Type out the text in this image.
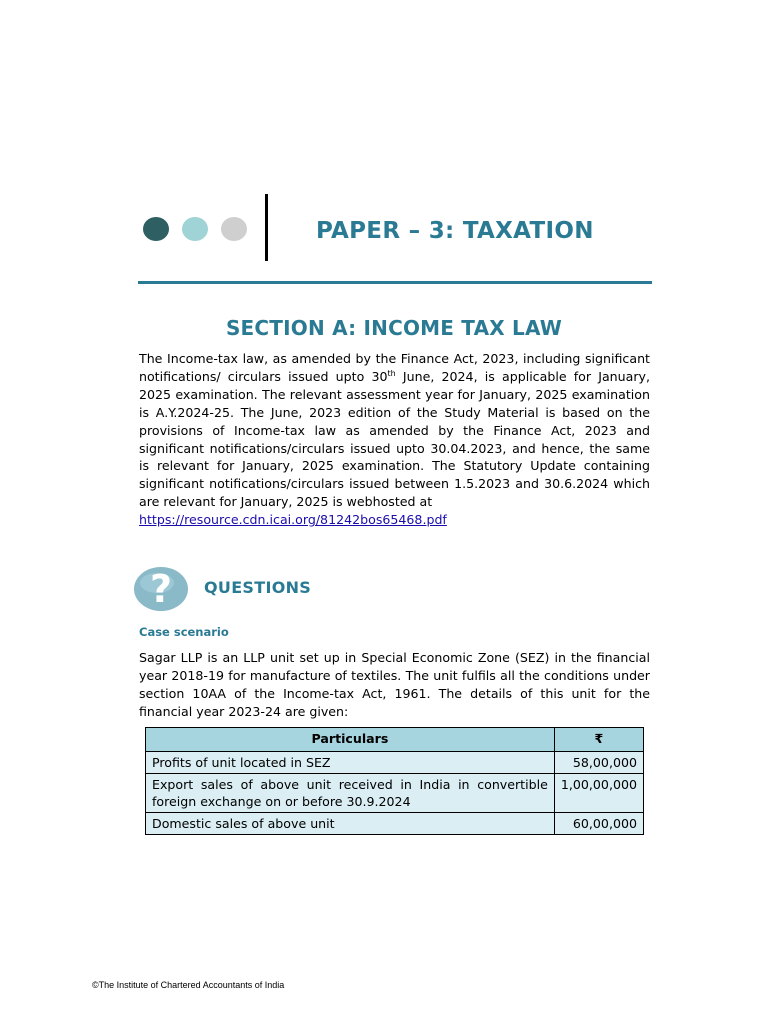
PAPER – 3: TAXATION
SECTION A: INCOME TAX LAW

The Income-tax law, as amended by the Finance Act, 2023, including significant notifications/ circulars issued upto 30th June, 2024, is applicable for January, 2025 examination. The relevant assessment year for January, 2025 examination is A.Y.2024-25. The June, 2023 edition of the Study Material is based on the provisions of Income-tax law as amended by the Finance Act, 2023 and significant notifications/circulars issued upto 30.04.2023, and hence, the same is relevant for January, 2025 examination. The Statutory Update containing significant notifications/circulars issued between 1.5.2023 and 30.6.2024 which are relevant for January, 2025 is webhosted at
https://resource.cdn.icai.org/81242bos65468.pdf

? QUESTIONS
Case scenario

Sagar LLP is an LLP unit set up in Special Economic Zone (SEZ) in the financial year 2018-19 for manufacture of textiles. The unit fulfils all the conditions under section 10AA of the Income-tax Act, 1961. The details of this unit for the financial year 2023-24 are given:

Particulars	₹
Profits of unit located in SEZ	58,00,000
Export sales of above unit received in India in convertible foreign exchange on or before 30.9.2024	1,00,00,000
Domestic sales of above unit	60,00,000
©The Institute of Chartered Accountants of India
